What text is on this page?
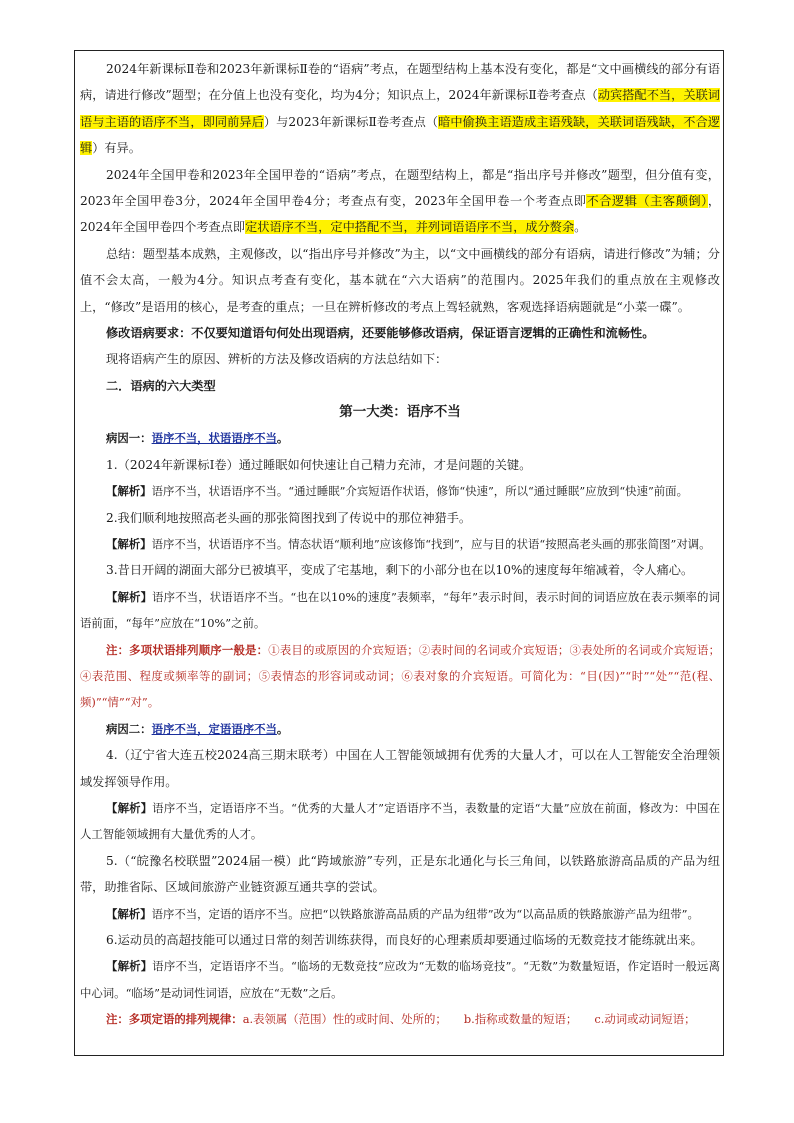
2024年新课标Ⅱ卷和2023年新课标Ⅱ卷的“语病”考点，在题型结构上基本没有变化，都是“文中画横线的部分有语病，请进行修改”题型；在分值上也没有变化，均为4分；知识点上，2024年新课标Ⅱ卷考查点（动宾搭配不当，关联词语与主语的语序不当，即同前异后）与2023年新课标Ⅱ卷考查点（暗中偷换主语造成主语残缺，关联词语残缺，不合逻辑）有异。

2024年全国甲卷和2023年全国甲卷的“语病”考点，在题型结构上，都是“指出序号并修改”题型，但分值有变，2023年全国甲卷3分，2024年全国甲卷4分；考查点有变，2023年全国甲卷一个考查点即不合逻辑（主客颠倒），2024年全国甲卷四个考查点即定状语序不当，定中搭配不当，并列词语语序不当，成分赘余。

总结：题型基本成熟，主观修改，以“指出序号并修改”为主，以“文中画横线的部分有语病，请进行修改”为辅；分值不会太高，一般为4分。知识点考查有变化，基本就在“六大语病”的范围内。2025年我们的重点放在主观修改上，“修改”是语用的核心，是考查的重点；一旦在辨析修改的考点上驾轻就熟，客观选择语病题就是“小菜一碟”。

修改语病要求：不仅要知道语句何处出现语病，还要能够修改语病，保证语言逻辑的正确性和流畅性。

现将语病产生的原因、辨析的方法及修改语病的方法总结如下：

二．语病的六大类型

第一大类：语序不当

病因一：语序不当，状语语序不当。

1.（2024年新课标Ⅰ卷）通过睡眠如何快速让自己精力充沛，才是问题的关键。

【解析】语序不当，状语语序不当。“通过睡眠”介宾短语作状语，修饰“快速”，所以“通过睡眠”应放到“快速”前面。

2.我们顺利地按照高老头画的那张简图找到了传说中的那位神猎手。

【解析】语序不当，状语语序不当。情态状语“顺利地”应该修饰“找到”，应与目的状语“按照高老头画的那张简图”对调。

3.昔日开阔的湖面大部分已被填平，变成了宅基地，剩下的小部分也在以10%的速度每年缩减着，令人痛心。

【解析】语序不当，状语语序不当。“也在以10%的速度”表频率，“每年”表示时间，表示时间的词语应放在表示频率的词语前面，“每年”应放在“10%”之前。

注：多项状语排列顺序一般是：①表目的或原因的介宾短语；②表时间的名词或介宾短语；③表处所的名词或介宾短语；④表范围、程度或频率等的副词；⑤表情态的形容词或动词；⑥表对象的介宾短语。可简化为：“目(因)”“时”“处”“范(程、频)”“情”“对”。

病因二：语序不当，定语语序不当。

4.（辽宁省大连五校2024高三期末联考）中国在人工智能领域拥有优秀的大量人才，可以在人工智能安全治理领域发挥领导作用。

【解析】语序不当，定语语序不当。“优秀的大量人才”定语语序不当，表数量的定语“大量”应放在前面，修改为：中国在人工智能领域拥有大量优秀的人才。

5.（“皖豫名校联盟”2024届一模）此“跨域旅游”专列，正是东北通化与长三角间，以铁路旅游高品质的产品为纽带，助推省际、区域间旅游产业链资源互通共享的尝试。

【解析】语序不当，定语的语序不当。应把“以铁路旅游高品质的产品为纽带”改为“以高品质的铁路旅游产品为纽带”。

6.运动员的高超技能可以通过日常的刻苦训练获得，而良好的心理素质却要通过临场的无数竞技才能练就出来。

【解析】语序不当，定语语序不当。“临场的无数竞技”应改为“无数的临场竞技”。“无数”为数量短语，作定语时一般远离中心词。“临场”是动词性词语，应放在“无数”之后。

注：多项定语的排列规律：a.表领属（范围）性的或时间、处所的；　　b.指称或数量的短语；　　c.动词或动词短语；
